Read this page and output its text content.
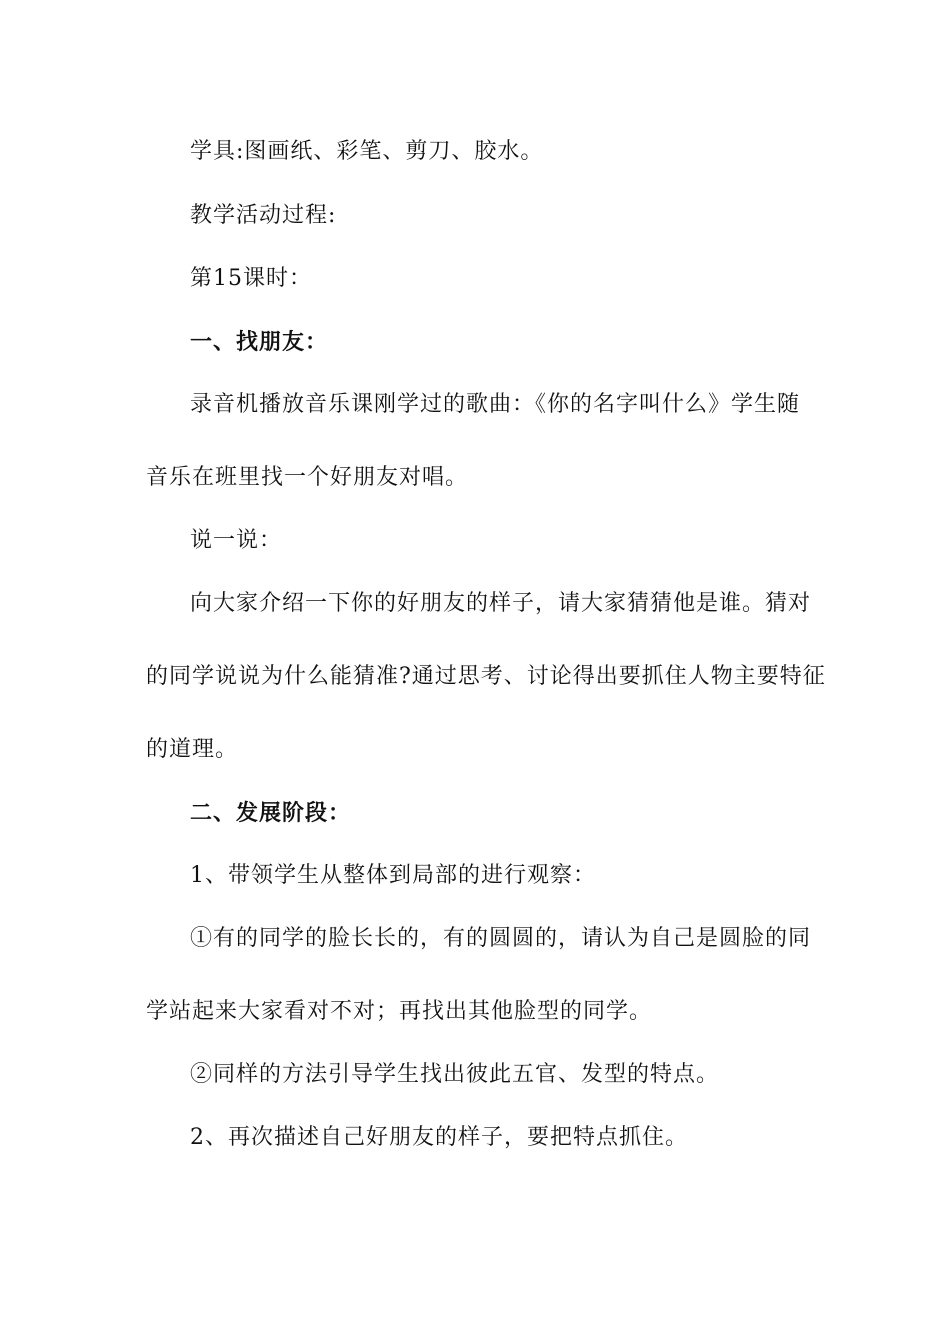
学具:图画纸、彩笔、剪刀、胶水。
教学活动过程:
第15课时：
一、找朋友：
录音机播放音乐课刚学过的歌曲：《你的名字叫什么》学生随
音乐在班里找一个好朋友对唱。
说一说：
向大家介绍一下你的好朋友的样子，请大家猜猜他是谁。猜对
的同学说说为什么能猜准?通过思考、讨论得出要抓住人物主要特征
的道理。
二、发展阶段：
1、带领学生从整体到局部的进行观察：
①有的同学的脸长长的，有的圆圆的，请认为自己是圆脸的同
学站起来大家看对不对；再找出其他脸型的同学。
②同样的方法引导学生找出彼此五官、发型的特点。
2、再次描述自己好朋友的样子，要把特点抓住。
